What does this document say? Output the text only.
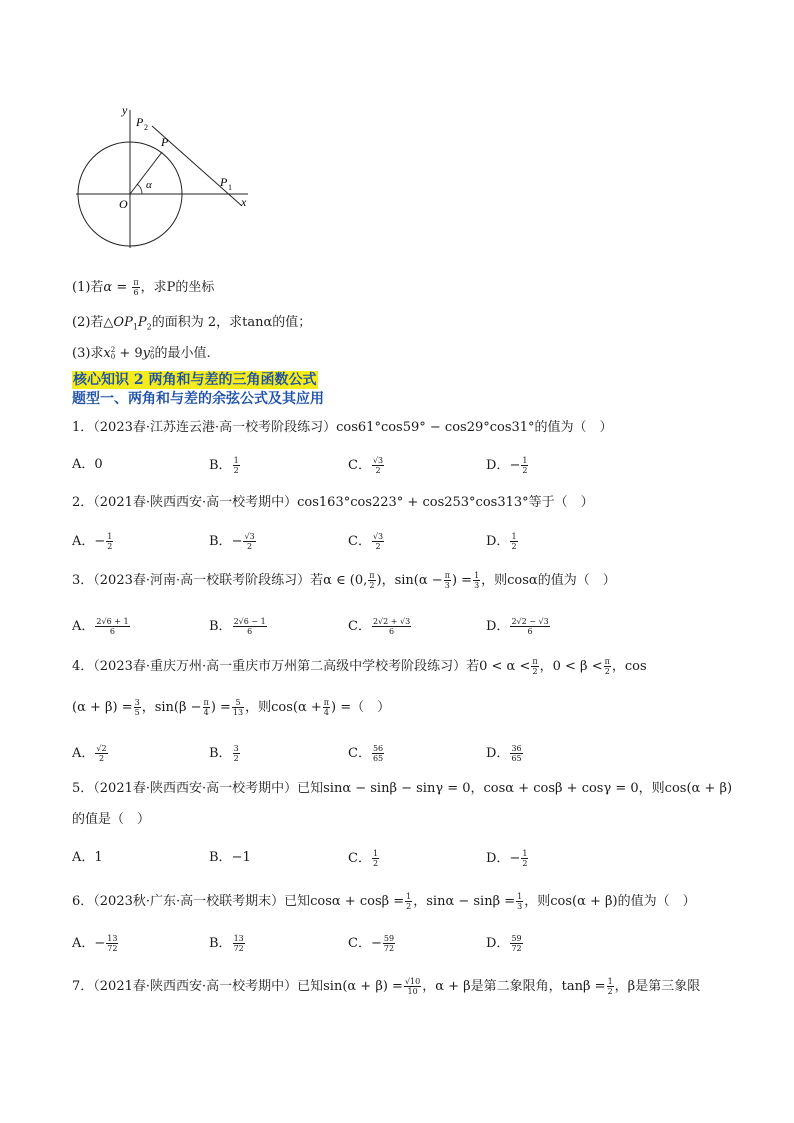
y
x
O
P
P 2
P 1
α
(1)若$\alpha = \frac{\pi}{6}$ ，求P的坐标
(2)若$\triangle OP_1P_2$的面积为 2，求tanα的值；
(3)求x 2
0 + 9y 2
0 的最小值.
核心知识 2 两角和与差的三角函数公式
题型一、两角和与差的余弦公式及其应用
1．（2023春·江苏连云港·高一校考阶段练习）cos61°cos59° − cos29°cos31°的值为（　）
A．0	B． $\frac{1}{2}$	C． $\frac{√3}{2}$	D．− $\frac{1}{2}$
2．（2021春·陕西西安·高一校考期中）cos163°cos223° + cos253°cos313°等于（　）
A．− $\frac{1}{2}$	B．− $\frac{√3}{2}$	C． $\frac{√3}{2}$	D． $\frac{1}{2}$
3．（2023春·河南·高一校联考阶段练习）若α ∈ (0, $\frac{\pi}{2}$ )，$\sin(\alpha - \frac{\pi}{3}$ ) = $\frac{1}{3}$ ，则cosα的值为（　）
A． $\frac{2√6 + 1}{6}$	B． $\frac{2√6 - 1}{6}$	C． $\frac{2√2 + √3}{6}$	D． $\frac{2√2 - √3}{6}$
4．（2023春·重庆万州·高一重庆市万州第二高级中学校考阶段练习）若$0 < \alpha < \frac{\pi}{2}$ ，$0 < \beta < \frac{\pi}{2}$ ，cos
$(\alpha + \beta) = \frac{3}{5}$ ，$\sin(\beta - \frac{\pi}{4}$ ) = $\frac{5}{13}$ ，则$\cos(\alpha + \frac{\pi}{4}$ ) =（　）
A． $\frac{√2}{2}$	B． $\frac{3}{2}$	C． $\frac{56}{65}$	D． $\frac{36}{65}$
5．（2021春·陕西西安·高一校考期中）已知sinα − sinβ − sinγ = 0，cosα + cosβ + cosγ = 0，则cos(α + β)
的值是（　）
A．1	B．−1	C． $\frac{1}{2}$	D．− $\frac{1}{2}$
6．（2023秋·广东·高一校联考期末）已知$\cos\alpha + \cos\beta = \frac{1}{2}$ ，$\sin\alpha - \sin\beta = \frac{1}{3}$ ，则cos(α + β)的值为（　）
A．− $\frac{13}{72}$	B． $\frac{13}{72}$	C．− $\frac{59}{72}$	D． $\frac{59}{72}$
7．（2021春·陕西西安·高一校考期中）已知$\sin(\alpha + \beta) = \frac{√10}{10}$ ，α + β是第二象限角，$\tan\beta = \frac{1}{2}$ ，β是第三象限
